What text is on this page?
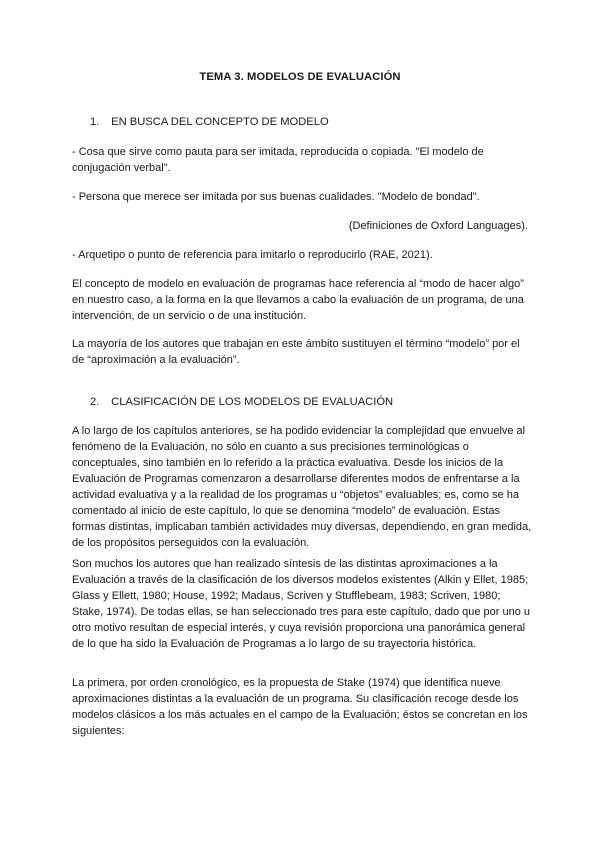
TEMA 3. MODELOS DE EVALUACIÓN
1. EN BUSCA DEL CONCEPTO DE MODELO

- Cosa que sirve como pauta para ser imitada, reproducida o copiada. "El modelo de conjugación verbal".

- Persona que merece ser imitada por sus buenas cualidades. "Modelo de bondad".

(Definiciones de Oxford Languages).

- Arquetipo o punto de referencia para imitarlo o reproducirlo (RAE, 2021).

El concepto de modelo en evaluación de programas hace referencia al “modo de hacer algo” en nuestro caso, a la forma en la que llevamos a cabo la evaluación de un programa, de una intervención, de un servicio o de una institución.

La mayoría de los autores que trabajan en este ámbito sustituyen el término “modelo” por el de “aproximación a la evaluación”.

2. CLASIFICACIÓN DE LOS MODELOS DE EVALUACIÓN

A lo largo de los capítulos anteriores, se ha podido evidenciar la complejidad que envuelve al fenómeno de la Evaluación, no sólo en cuanto a sus precisiones terminológicas o conceptuales, sino también en lo referido a la práctica evaluativa. Desde los inicios de la Evaluación de Programas comenzaron a desarrollarse diferentes modos de enfrentarse a la actividad evaluativa y a la realidad de los programas u “objetos” evaluables; es, como se ha comentado al inicio de este capítulo, lo que se denomina “modelo” de evaluación. Estas formas distintas, implicaban también actividades muy diversas, dependiendo, en gran medida, de los propósitos perseguidos con la evaluación.

Son muchos los autores que han realizado síntesis de las distintas aproximaciones a la Evaluación a través de la clasificación de los diversos modelos existentes (Alkin y Ellet, 1985; Glass y Ellett, 1980; House, 1992; Madaus, Scriven y Stufflebeam, 1983; Scriven, 1980; Stake, 1974). De todas ellas, se han seleccionado tres para este capítulo, dado que por uno u otro motivo resultan de especial interés, y cuya revisión proporciona una panorámica general de lo que ha sido la Evaluación de Programas a lo largo de su trayectoria histórica.

La primera, por orden cronológico, es la propuesta de Stake (1974) que identifica nueve aproximaciones distintas a la evaluación de un programa. Su clasificación recoge desde los modelos clásicos a los más actuales en el campo de la Evaluación; éstos se concretan en los siguientes:
